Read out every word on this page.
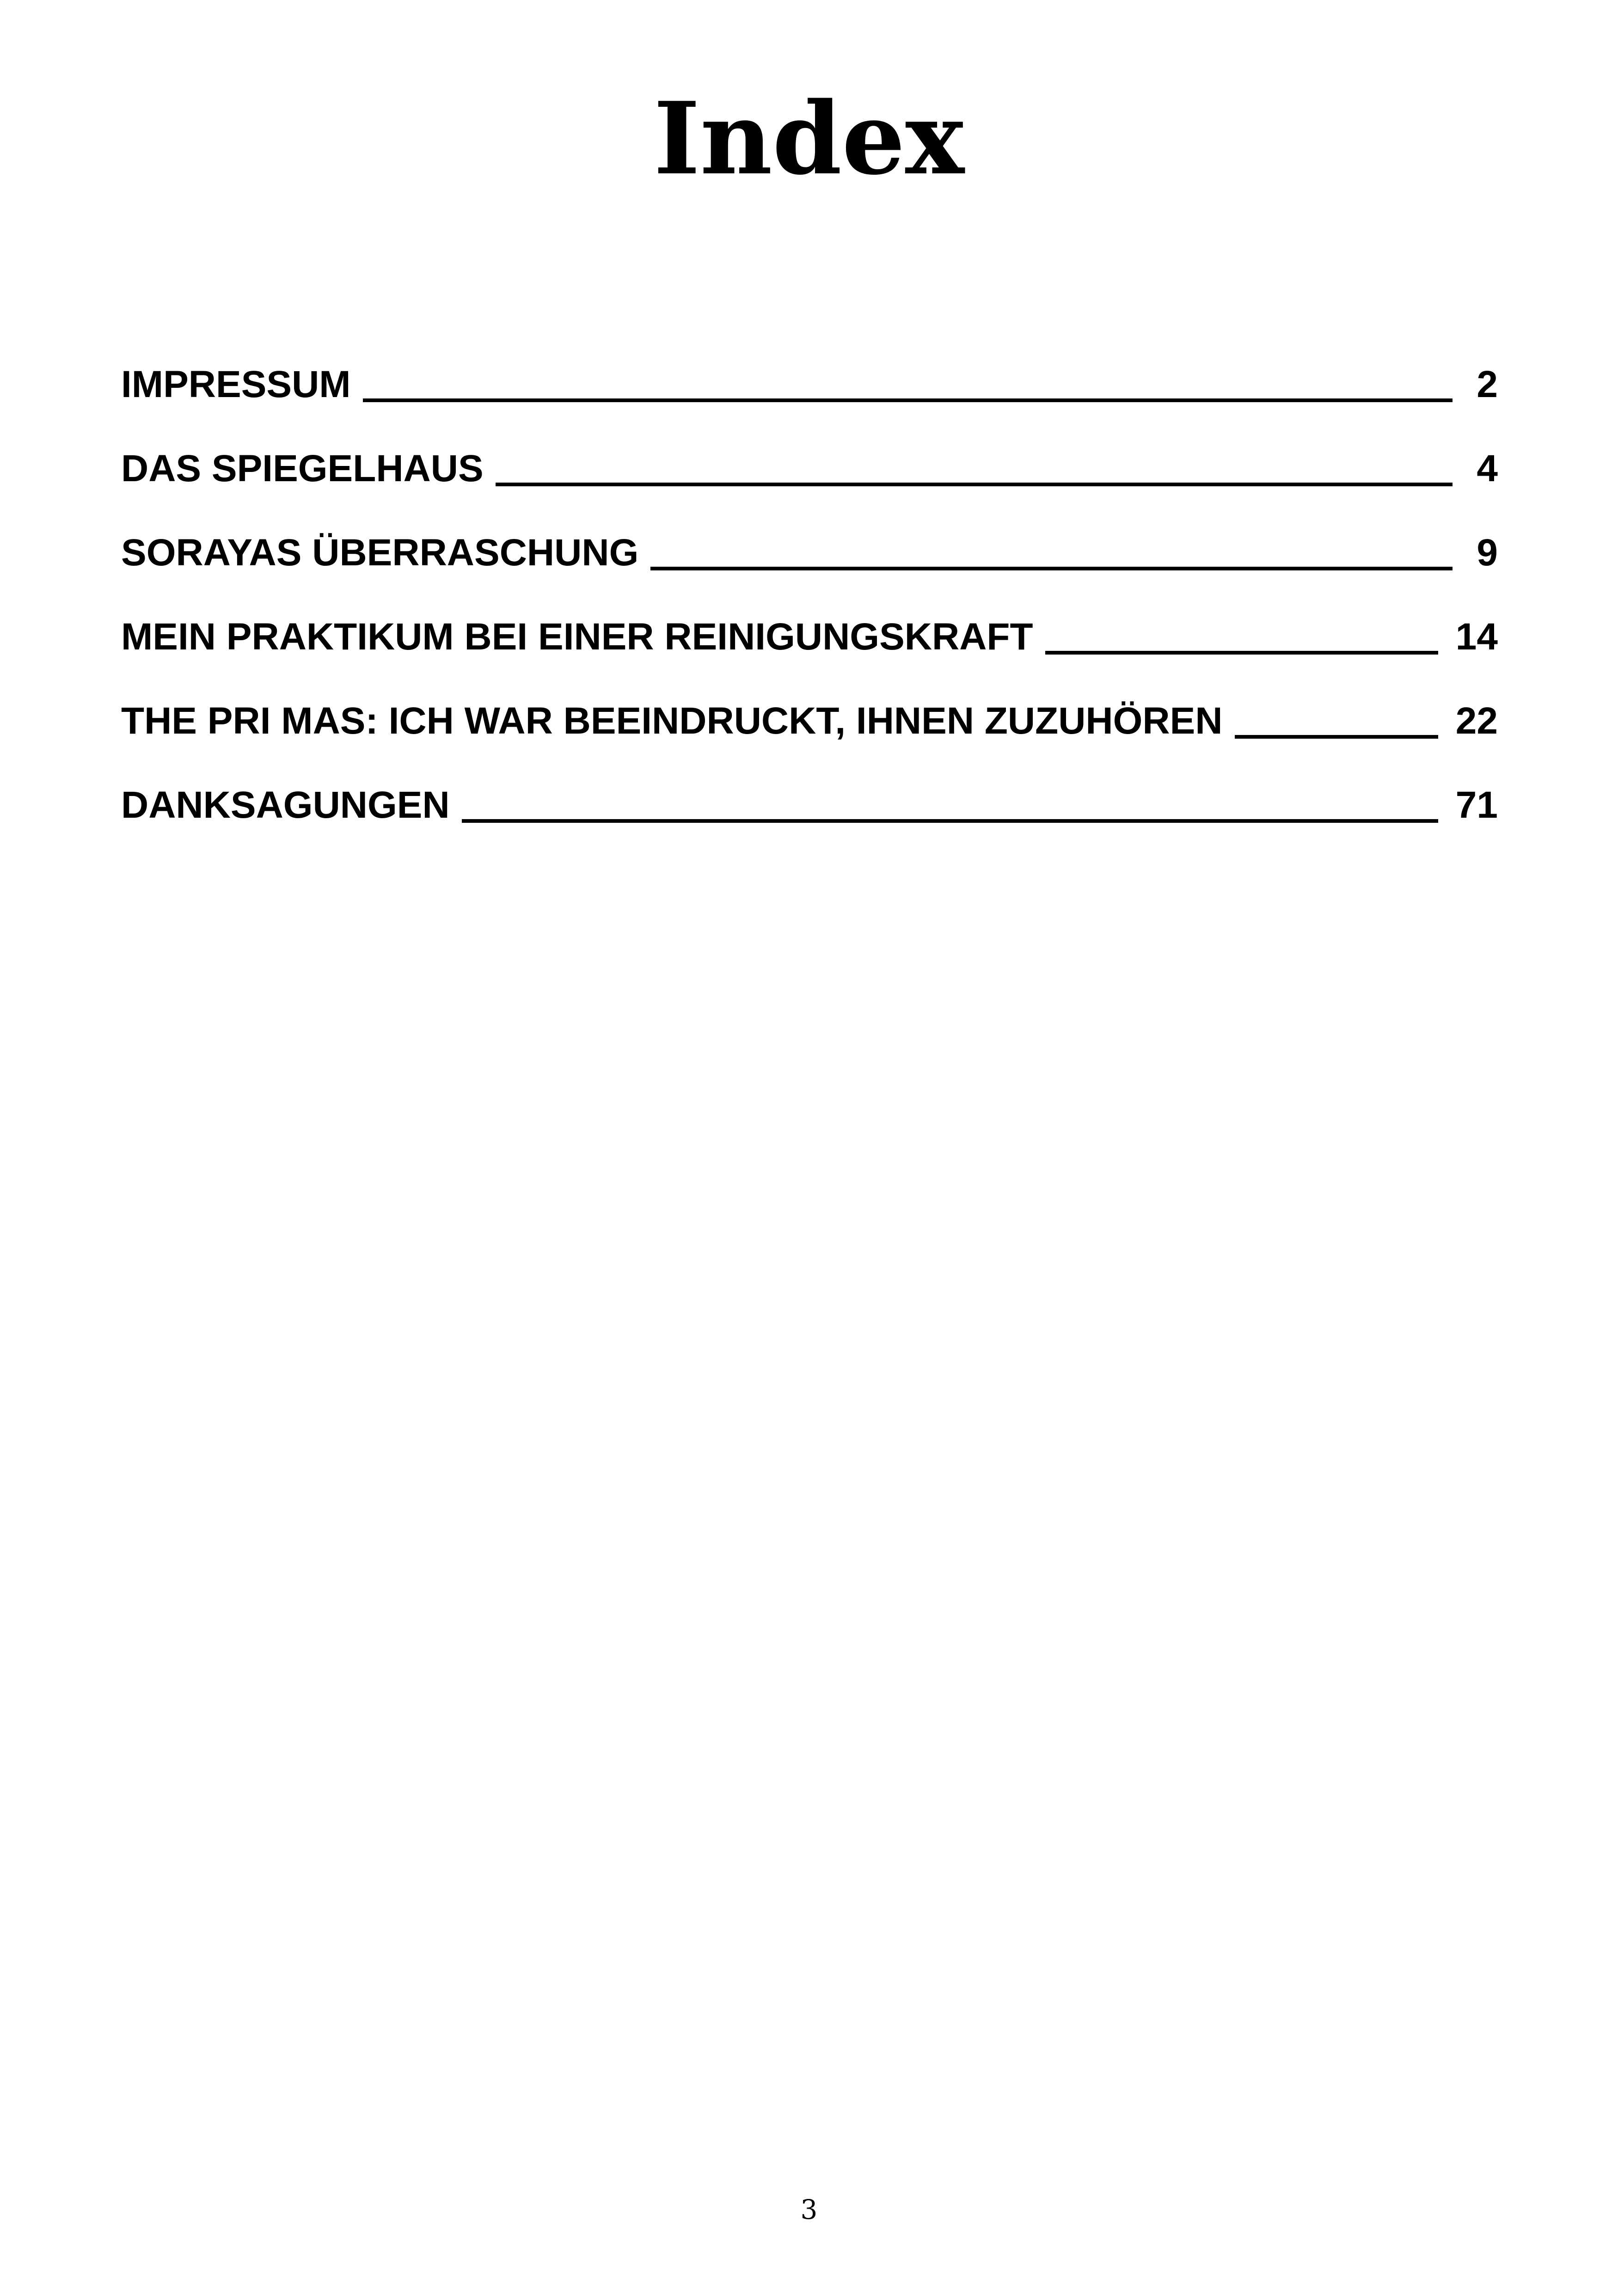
Index
IMPRESSUM	2
DAS SPIEGELHAUS	4
SORAYAS ÜBERRASCHUNG	9
MEIN PRAKTIKUM BEI EINER REINIGUNGSKRAFT	14
THE PRI MAS: ICH WAR BEEINDRUCKT, IHNEN ZUZUHÖREN	22
DANKSAGUNGEN	71
3
